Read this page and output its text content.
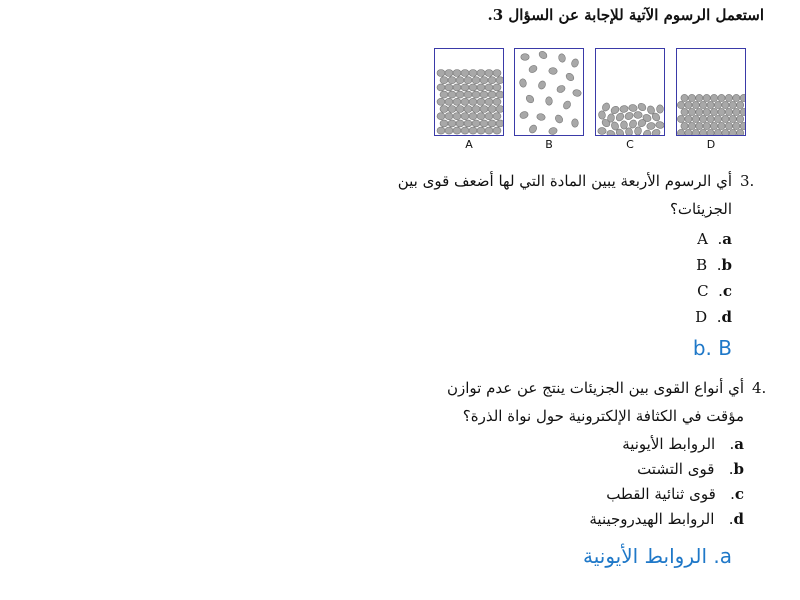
استعمل الرسوم الآتية للإجابة عن السؤال 3.
A	B	C	D
3.
أي الرسوم الأربعة يبين المادة التي لها أضعف قوى بين
الجزيئات؟
A  .a
B  .b
C  .c
D  .d
b. B
4.
أي أنواع القوى بين الجزيئات ينتج عن عدم توازن
مؤقت في الكثافة الإلكترونية حول نواة الذرة؟
a.   الروابط الأيونية
b.   قوى التشتت
c.   قوى ثنائية القطب
d.   الروابط الهيدروجينية
a. الروابط الأيونية
